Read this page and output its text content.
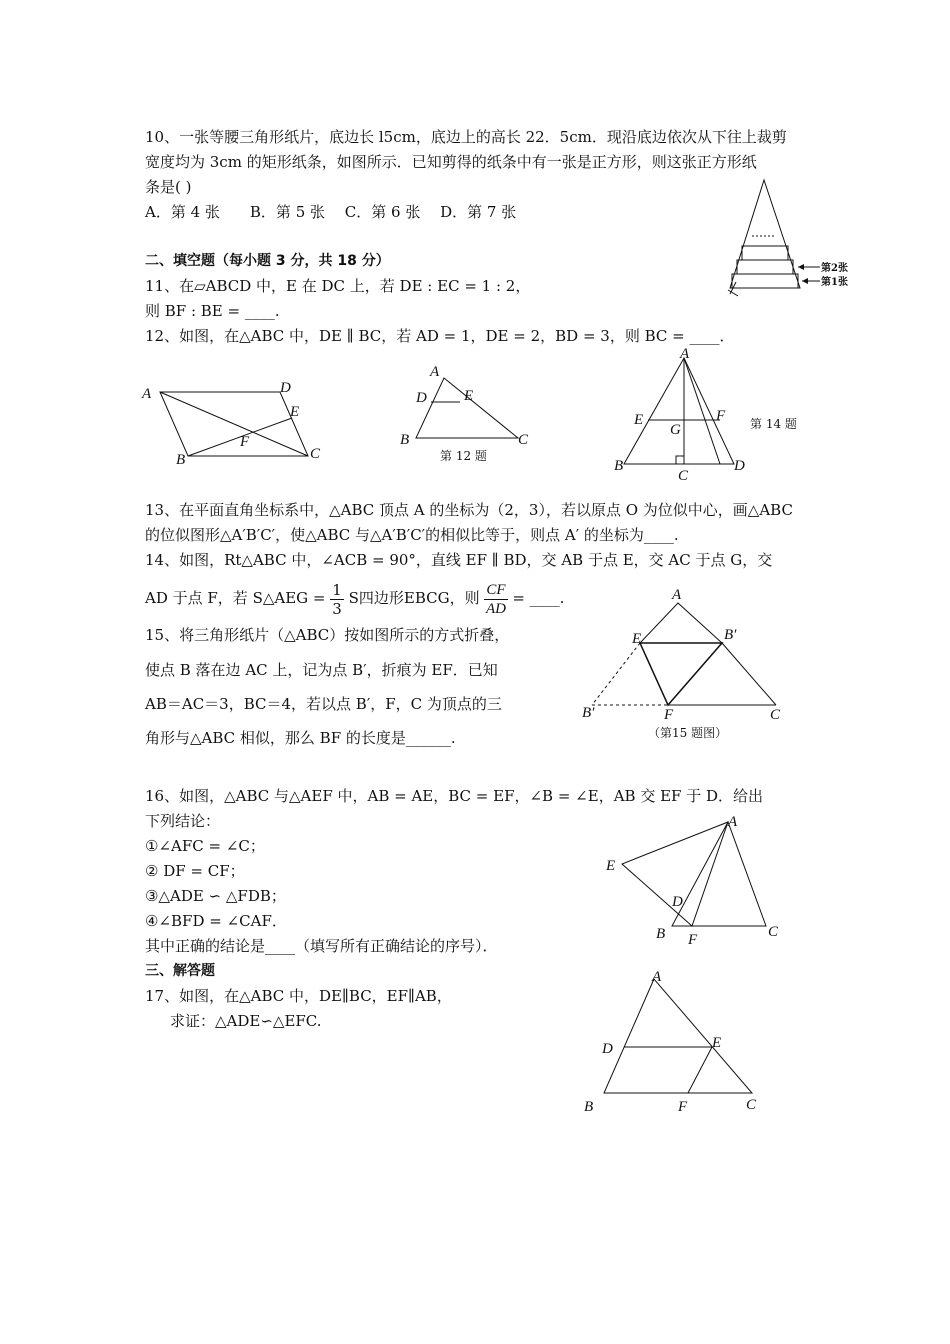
10、一张等腰三角形纸片，底边长 l5cm，底边上的高长 22．5cm．现沿底边依次从下往上裁剪
宽度均为 3cm 的矩形纸条，如图所示．已知剪得的纸条中有一张是正方形，则这张正方形纸
条是( )
A．第 4 张　　B．第 5 张　 C．第 6 张　 D．第 7 张
第2张
第1张
二、填空题（每小题 3 分，共 18 分）
11、在▱ABCD 中，E 在 DC 上，若 DE : EC = 1 : 2，
则 BF : BE = ____.
12、如图，在△ABC 中，DE ∥ BC，若 AD = 1，DE = 2，BD = 3，则 BC = ____．
A	D
E
F
B	C
A
D E
B	C
第 12 题
A
E	F
G
B
C
D
第 14 题
13、在平面直角坐标系中，△ABC 顶点 A 的坐标为（2，3），若以原点 O 为位似中心，画△ABC
的位似图形△A′B′C′，使△ABC 与△A′B′C′的相似比等于，则点 A′ 的坐标为____.
14、如图，Rt△ABC 中，∠ACB = 90°，直线 EF ∥ BD，交 AB 于点 E，交 AC 于点 G，交
AD 于点 F，若 S△AEG = $\frac{1}{3}$ S四边形EBCG，则 $\frac{CF}{AD}$ = ____.
15、将三角形纸片（△ABC）按如图所示的方式折叠，
使点 B 落在边 AC 上，记为点 B′，折痕为 EF．已知
AB＝AC＝3，BC＝4，若以点 B′，F，C 为顶点的三
角形与△ABC 相似，那么 BF 的长度是______.
A
E	B′
B′	F	C
（第15 题图）
16、如图，△ABC 与△AEF 中，AB = AE，BC = EF，∠B = ∠E，AB 交 EF 于 D．给出
下列结论：
①∠AFC = ∠C；
② DF = CF；
③△ADE ∽ △FDB；
④∠BFD = ∠CAF．
其中正确的结论是____（填写所有正确结论的序号）．
A
E
D
B F	C
三、解答题
17、如图，在△ABC 中，DE∥BC，EF∥AB，
求证：△ADE∽△EFC.
A
D	E
B	F	C
